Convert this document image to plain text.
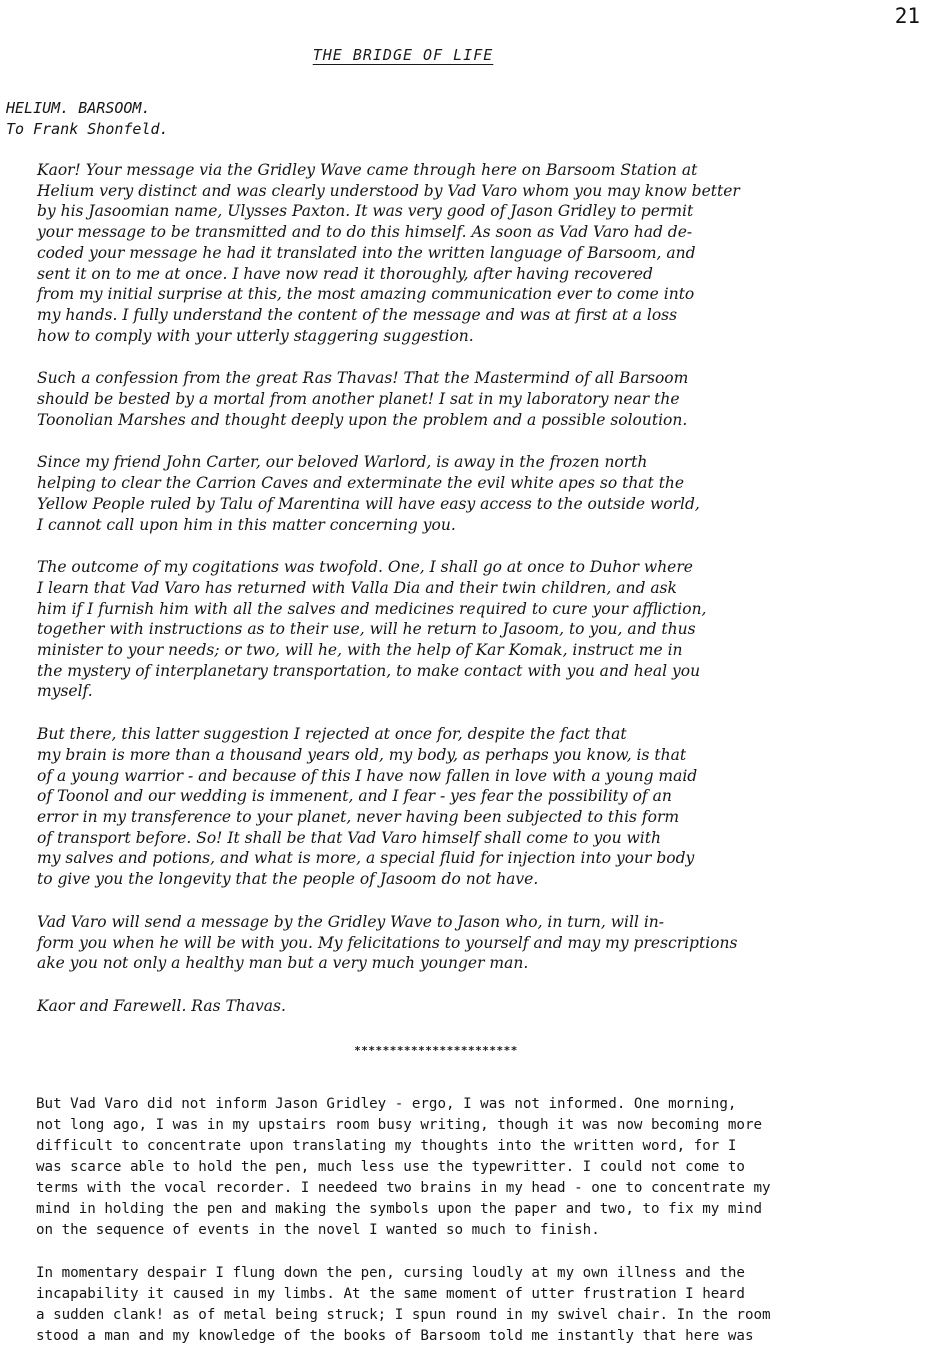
21
THE BRIDGE OF LIFE
HELIUM. BARSOOM.
To Frank Shonfeld.
Kaor! Your message via the Gridley Wave came through here on Barsoom Station at
Helium very distinct and was clearly understood by Vad Varo whom you may know better
by his Jasoomian name, Ulysses Paxton. It was very good of Jason Gridley to permit
your message to be transmitted and to do this himself. As soon as Vad Varo had de-
coded your message he had it translated into the written language of Barsoom, and
sent it on to me at once. I have now read it thoroughly, after having recovered
from my initial surprise at this, the most amazing communication ever to come into
my hands. I fully understand the content of the message and was at first at a loss
how to comply with your utterly staggering suggestion.
Such a confession from the great Ras Thavas! That the Mastermind of all Barsoom
should be bested by a mortal from another planet! I sat in my laboratory near the
Toonolian Marshes and thought deeply upon the problem and a possible soloution.
Since my friend John Carter, our beloved Warlord, is away in the frozen north
helping to clear the Carrion Caves and exterminate the evil white apes so that the
Yellow People ruled by Talu of Marentina will have easy access to the outside world,
I cannot call upon him in this matter concerning you.
The outcome of my cogitations was twofold. One, I shall go at once to Duhor where
I learn that Vad Varo has returned with Valla Dia and their twin children, and ask
him if I furnish him with all the salves and medicines required to cure your affliction,
together with instructions as to their use, will he return to Jasoom, to you, and thus
minister to your needs; or two, will he, with the help of Kar Komak, instruct me in
the mystery of interplanetary transportation, to make contact with you and heal you
myself.
But there, this latter suggestion I rejected at once for, despite the fact that
my brain is more than a thousand years old, my body, as perhaps you know, is that
of a young warrior - and because of this I have now fallen in love with a young maid
of Toonol and our wedding is immenent, and I fear - yes fear the possibility of an
error in my transference to your planet, never having been subjected to this form
of transport before. So! It shall be that Vad Varo himself shall come to you with
my salves and potions, and what is more, a special fluid for injection into your body
to give you the longevity that the people of Jasoom do not have.
Vad Varo will send a message by the Gridley Wave to Jason who, in turn, will in-
form you when he will be with you. My felicitations to yourself and may my prescriptions
ake you not only a healthy man but a very much younger man.
Kaor and Farewell. Ras Thavas.
***********************
But Vad Varo did not inform Jason Gridley - ergo, I was not informed. One morning,
not long ago, I was in my upstairs room busy writing, though it was now becoming more
difficult to concentrate upon translating my thoughts into the written word, for I
was scarce able to hold the pen, much less use the typewritter. I could not come to
terms with the vocal recorder. I needeed two brains in my head - one to concentrate my
mind in holding the pen and making the symbols upon the paper and two, to fix my mind
on the sequence of events in the novel I wanted so much to finish.
In momentary despair I flung down the pen, cursing loudly at my own illness and the
incapability it caused in my limbs. At the same moment of utter frustration I heard
a sudden clank! as of metal being struck; I spun round in my swivel chair. In the room
stood a man and my knowledge of the books of Barsoom told me instantly that here was
